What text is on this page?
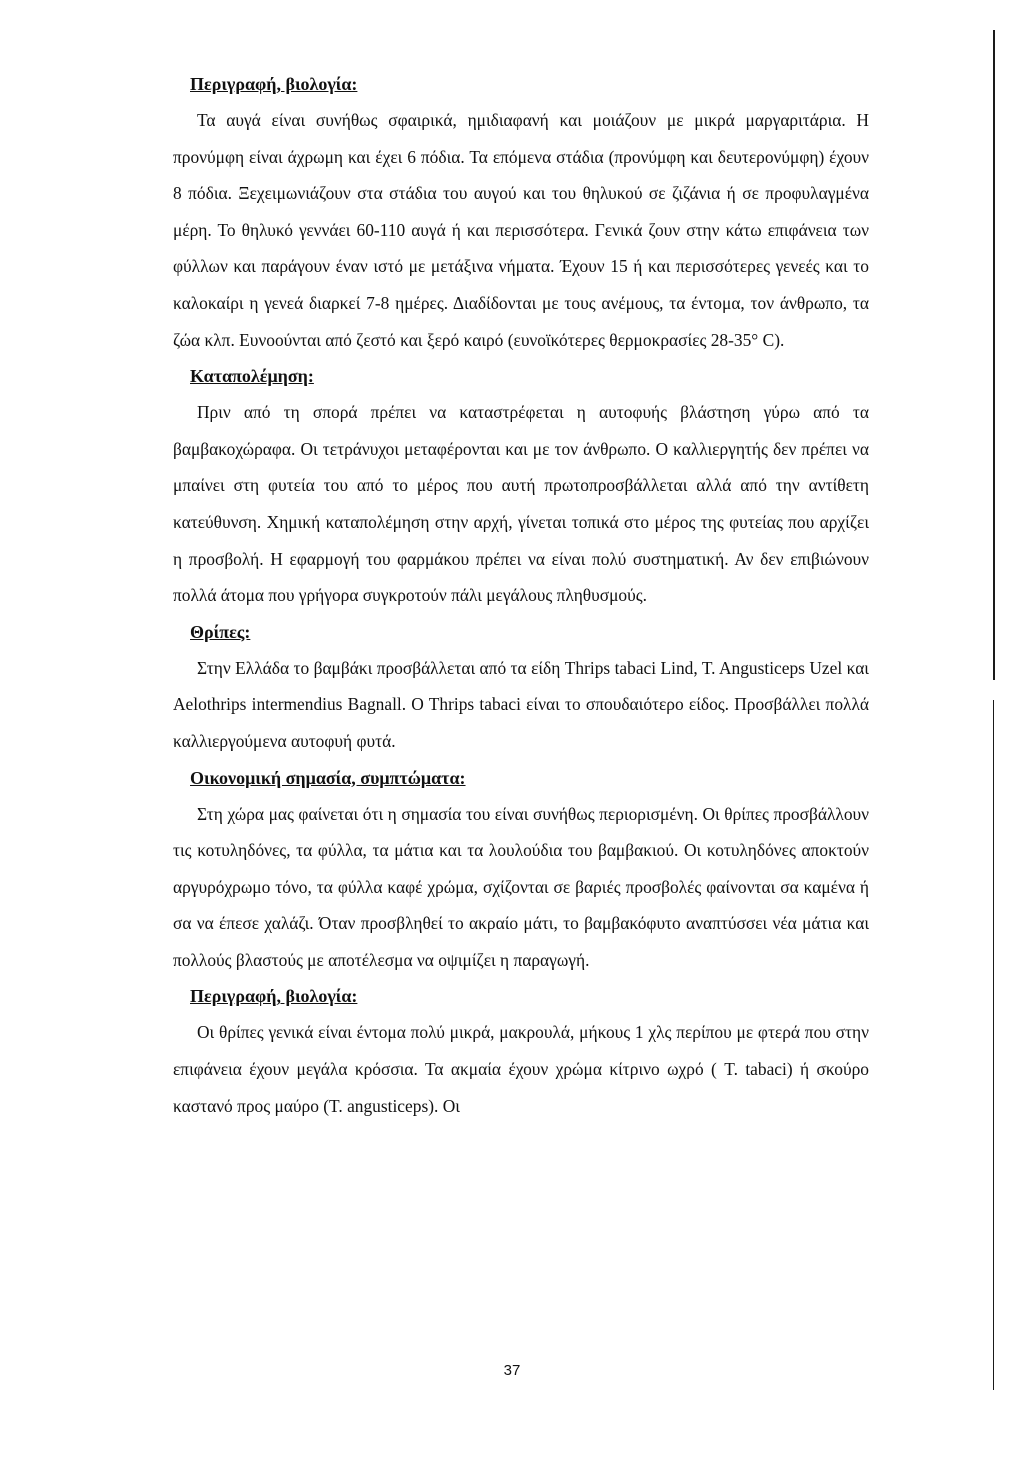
Περιγραφή, βιολογία:

Τα αυγά είναι συνήθως σφαιρικά, ημιδιαφανή και μοιάζουν με μικρά μαργαριτάρια. Η προνύμφη είναι άχρωμη και έχει 6 πόδια. Τα επόμενα στάδια (προνύμφη και δευτερονύμφη) έχουν 8 πόδια. Ξεχειμωνιάζουν στα στάδια του αυγού και του θηλυκού σε ζιζάνια ή σε προφυλαγμένα μέρη. Το θηλυκό γεννάει 60-110 αυγά ή και περισσότερα. Γενικά ζουν στην κάτω επιφάνεια των φύλλων και παράγουν έναν ιστό με μετάξινα νήματα. Έχουν 15 ή και περισσότερες γενεές και το καλοκαίρι η γενεά διαρκεί 7-8 ημέρες. Διαδίδονται με τους ανέμους, τα έντομα, τον άνθρωπο, τα ζώα κλπ. Ευνοούνται από ζεστό και ξερό καιρό (ευνοϊκότερες θερμοκρασίες 28-35° C).

Καταπολέμηση:

Πριν από τη σπορά πρέπει να καταστρέφεται η αυτοφυής βλάστηση γύρω από τα βαμβακοχώραφα. Οι τετράνυχοι μεταφέρονται και με τον άνθρωπο. Ο καλλιεργητής δεν πρέπει να μπαίνει στη φυτεία του από το μέρος που αυτή πρωτοπροσβάλλεται αλλά από την αντίθετη κατεύθυνση. Χημική καταπολέμηση στην αρχή, γίνεται τοπικά στο μέρος της φυτείας που αρχίζει η προσβολή. Η εφαρμογή του φαρμάκου πρέπει να είναι πολύ συστηματική. Αν δεν επιβιώνουν πολλά άτομα που γρήγορα συγκροτούν πάλι μεγάλους πληθυσμούς.

Θρίπες:

Στην Ελλάδα το βαμβάκι προσβάλλεται από τα είδη Thrips tabaci Lind, T. Angusticeps Uzel και Aelothrips intermendius Bagnall. O Thrips tabaci είναι το σπουδαιότερο είδος. Προσβάλλει πολλά καλλιεργούμενα αυτοφυή φυτά.

Οικονομική σημασία, συμπτώματα:

Στη χώρα μας φαίνεται ότι η σημασία του είναι συνήθως περιορισμένη. Οι θρίπες προσβάλλουν τις κοτυληδόνες, τα φύλλα, τα μάτια και τα λουλούδια του βαμβακιού. Οι κοτυληδόνες αποκτούν αργυρόχρωμο τόνο, τα φύλλα καφέ χρώμα, σχίζονται σε βαριές προσβολές φαίνονται σα καμένα ή σα να έπεσε χαλάζι. Όταν προσβληθεί το ακραίο μάτι, το βαμβακόφυτο αναπτύσσει νέα μάτια και πολλούς βλαστούς με αποτέλεσμα να οψιμίζει η παραγωγή.

Περιγραφή, βιολογία:

Οι θρίπες γενικά είναι έντομα πολύ μικρά, μακρουλά, μήκους 1 χλς περίπου με φτερά που στην επιφάνεια έχουν μεγάλα κρόσσια. Τα ακμαία έχουν χρώμα κίτρινο ωχρό ( T. tabaci) ή σκούρο καστανό προς μαύρο (T. angusticeps). Οι

37
